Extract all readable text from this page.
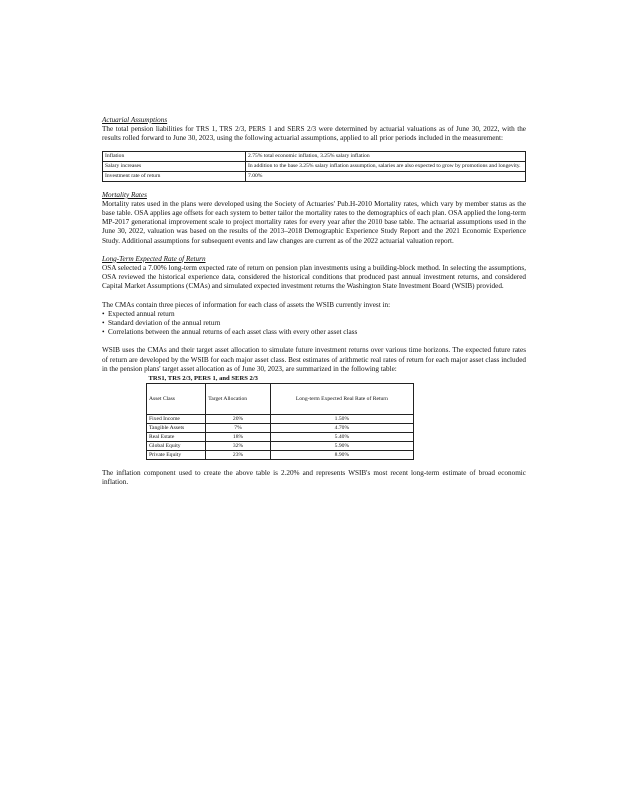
Actuarial Assumptions

The total pension liabilities for TRS 1, TRS 2/3, PERS 1 and SERS 2/3 were determined by actuarial valuations as of June 30, 2022, with the results rolled forward to June 30, 2023, using the following actuarial assumptions, applied to all prior periods included in the measurement:

Inflation	2.75% total economic inflation, 3.25% salary inflation
Salary increases	In addition to the base 3.25% salary inflation assumption, salaries are also expected to grow by promotions and longevity.
Investment rate of return	7.00%
Mortality Rates

Mortality rates used in the plans were developed using the Society of Actuaries' Pub.H-2010 Mortality rates, which vary by member status as the base table. OSA applies age offsets for each system to better tailor the mortality rates to the demographics of each plan. OSA applied the long-term MP-2017 generational improvement scale to project mortality rates for every year after the 2010 base table. The actuarial assumptions used in the June 30, 2022, valuation was based on the results of the 2013–2018 Demographic Experience Study Report and the 2021 Economic Experience Study. Additional assumptions for subsequent events and law changes are current as of the 2022 actuarial valuation report.

Long-Term Expected Rate of Return

OSA selected a 7.00% long-term expected rate of return on pension plan investments using a building-block method. In selecting the assumptions, OSA reviewed the historical experience data, considered the historical conditions that produced past annual investment returns, and considered Capital Market Assumptions (CMAs) and simulated expected investment returns the Washington State Investment Board (WSIB) provided.

The CMAs contain three pieces of information for each class of assets the WSIB currently invest in:

• Expected annual return
• Standard deviation of the annual return
• Correlations between the annual returns of each asset class with every other asset class

WSIB uses the CMAs and their target asset allocation to simulate future investment returns over various time horizons. The expected future rates of return are developed by the WSIB for each major asset class. Best estimates of arithmetic real rates of return for each major asset class included in the pension plans' target asset allocation as of June 30, 2023, are summarized in the following table:

TRS1, TRS 2/3, PERS 1, and SERS 2/3		
Asset Class	Target Allocation	Long-term Expected Real Rate of Return
Fixed Income	20%	1.50%
Tangible Assets	7%	4.70%
Real Estate	18%	5.40%
Global Equity	32%	5.90%
Private Equity	23%	8.90%

The inflation component used to create the above table is 2.20% and represents WSIB's most recent long-term estimate of broad economic inflation.
